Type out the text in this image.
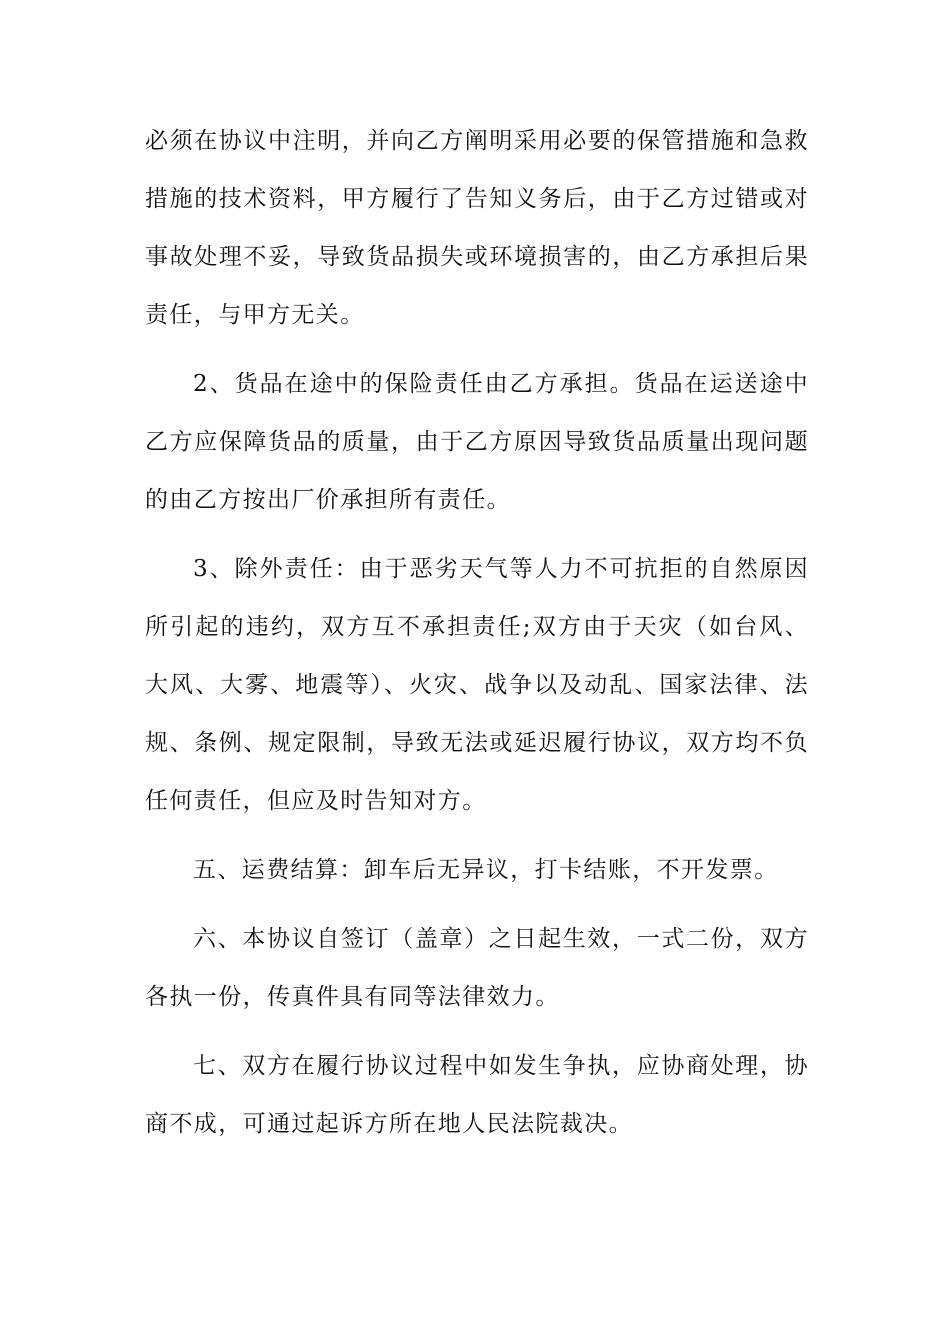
必须在协议中注明，并向乙方阐明采用必要的保管措施和急救措施的技术资料，甲方履行了告知义务后，由于乙方过错或对事故处理不妥，导致货品损失或环境损害的，由乙方承担后果责任，与甲方无关。

2、货品在途中的保险责任由乙方承担。货品在运送途中乙方应保障货品的质量，由于乙方原因导致货品质量出现问题的由乙方按出厂价承担所有责任。

3、除外责任：由于恶劣天气等人力不可抗拒的自然原因所引起的违约，双方互不承担责任;双方由于天灾（如台风、大风、大雾、地震等）、火灾、战争以及动乱、国家法律、法规、条例、规定限制，导致无法或延迟履行协议，双方均不负任何责任，但应及时告知对方。

五、运费结算：卸车后无异议，打卡结账，不开发票。

六、本协议自签订（盖章）之日起生效，一式二份，双方各执一份，传真件具有同等法律效力。

七、双方在履行协议过程中如发生争执，应协商处理，协商不成，可通过起诉方所在地人民法院裁决。
